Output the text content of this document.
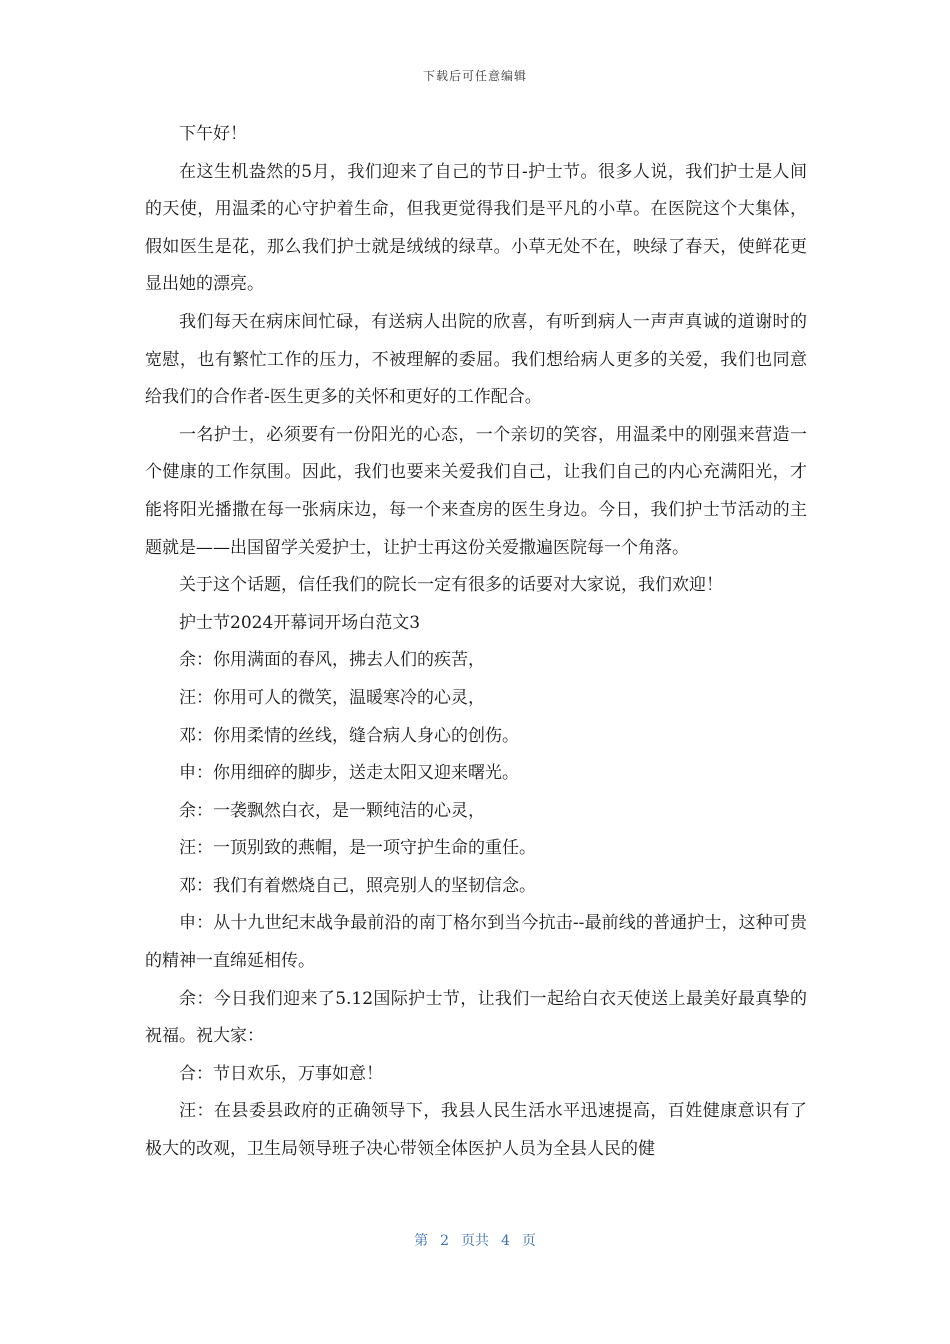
下载后可任意编辑

下午好！

在这生机盎然的5月，我们迎来了自己的节日-护士节。很多人说，我们护士是人间的天使，用温柔的心守护着生命，但我更觉得我们是平凡的小草。在医院这个大集体，假如医生是花，那么我们护士就是绒绒的绿草。小草无处不在，映绿了春天，使鲜花更显出她的漂亮。

我们每天在病床间忙碌，有送病人出院的欣喜，有听到病人一声声真诚的道谢时的宽慰，也有繁忙工作的压力，不被理解的委屈。我们想给病人更多的关爱，我们也同意给我们的合作者-医生更多的关怀和更好的工作配合。

一名护士，必须要有一份阳光的心态，一个亲切的笑容，用温柔中的刚强来营造一个健康的工作氛围。因此，我们也要来关爱我们自己，让我们自己的内心充满阳光，才能将阳光播撒在每一张病床边，每一个来查房的医生身边。今日，我们护士节活动的主题就是——出国留学关爱护士，让护士再这份关爱撒遍医院每一个角落。

关于这个话题，信任我们的院长一定有很多的话要对大家说，我们欢迎！

护士节2024开幕词开场白范文3

余：你用满面的春风，拂去人们的疾苦，

汪：你用可人的微笑，温暖寒冷的心灵，

邓：你用柔情的丝线，缝合病人身心的创伤。

申：你用细碎的脚步，送走太阳又迎来曙光。

余：一袭飘然白衣，是一颗纯洁的心灵，

汪：一顶别致的燕帽，是一项守护生命的重任。

邓：我们有着燃烧自己，照亮别人的坚韧信念。

申：从十九世纪末战争最前沿的南丁格尔到当今抗击--最前线的普通护士，这种可贵的精神一直绵延相传。

余：今日我们迎来了5.12国际护士节，让我们一起给白衣天使送上最美好最真挚的祝福。祝大家：

合：节日欢乐，万事如意！

汪：在县委县政府的正确领导下，我县人民生活水平迅速提高，百姓健康意识有了极大的改观，卫生局领导班子决心带领全体医护人员为全县人民的健

第 2 页共 4 页
